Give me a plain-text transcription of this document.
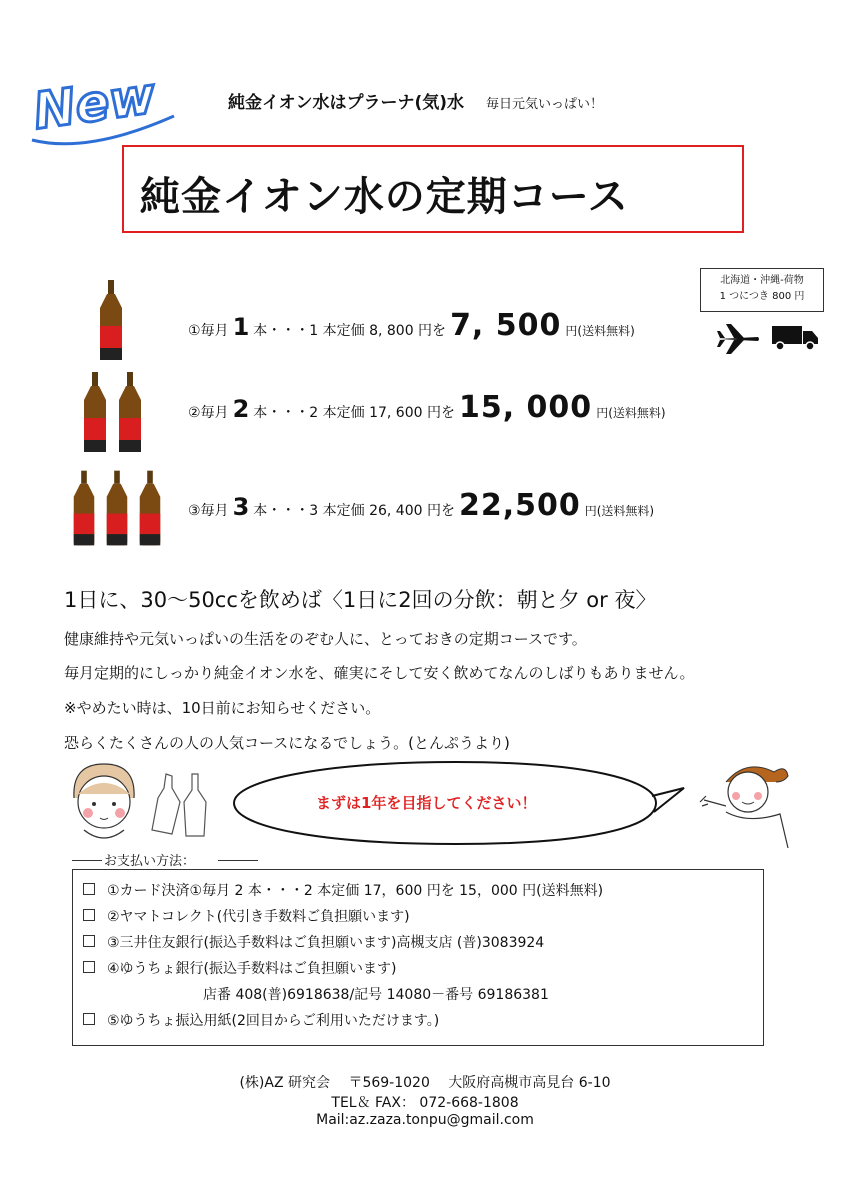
New	純金イオン水はプラーナ(気)水 毎日元気いっぱい！
純金イオン水の定期コース
北海道・沖縄-荷物
1 つにつき 800 円

①毎月 1 本・・・1 本定価 8, 800 円を 7, 500 円(送料無料)
②毎月 2 本・・・2 本定価 17, 600 円を 15, 000 円(送料無料)
③毎月 3 本・・・3 本定価 26, 400 円を 22,500 円(送料無料)
1日に、30～50ccを飲めば〈1日に2回の分飲：朝と夕 or 夜〉
健康維持や元気いっぱいの生活をのぞむ人に、とっておきの定期コースです。
毎月定期的にしっかり純金イオン水を、確実にそして安く飲めてなんのしばりもありません。
※やめたい時は、10日前にお知らせください。
恐らくたくさんの人の人気コースになるでしょう。(とんぷうより)
まずは1年を目指してください！
お支払い方法：
①カード決済①毎月 2 本・・・2 本定価 17，600 円を 15，000 円(送料無料)
②ヤマトコレクト(代引き手数料ご負担願います)
③三井住友銀行(振込手数料はご負担願います)高槻支店 (普)3083924
④ゆうちょ銀行(振込手数料はご負担願います)
店番 408(普)6918638/記号 14080－番号 69186381
⑤ゆうちょ振込用紙(2回目からご利用いただけます。)
(株)AZ 研究会　 〒569-1020　 大阪府高槻市高見台 6-10
TEL＆ FAX： 072-668-1808
Mail:az.zaza.tonpu@gmail.com
